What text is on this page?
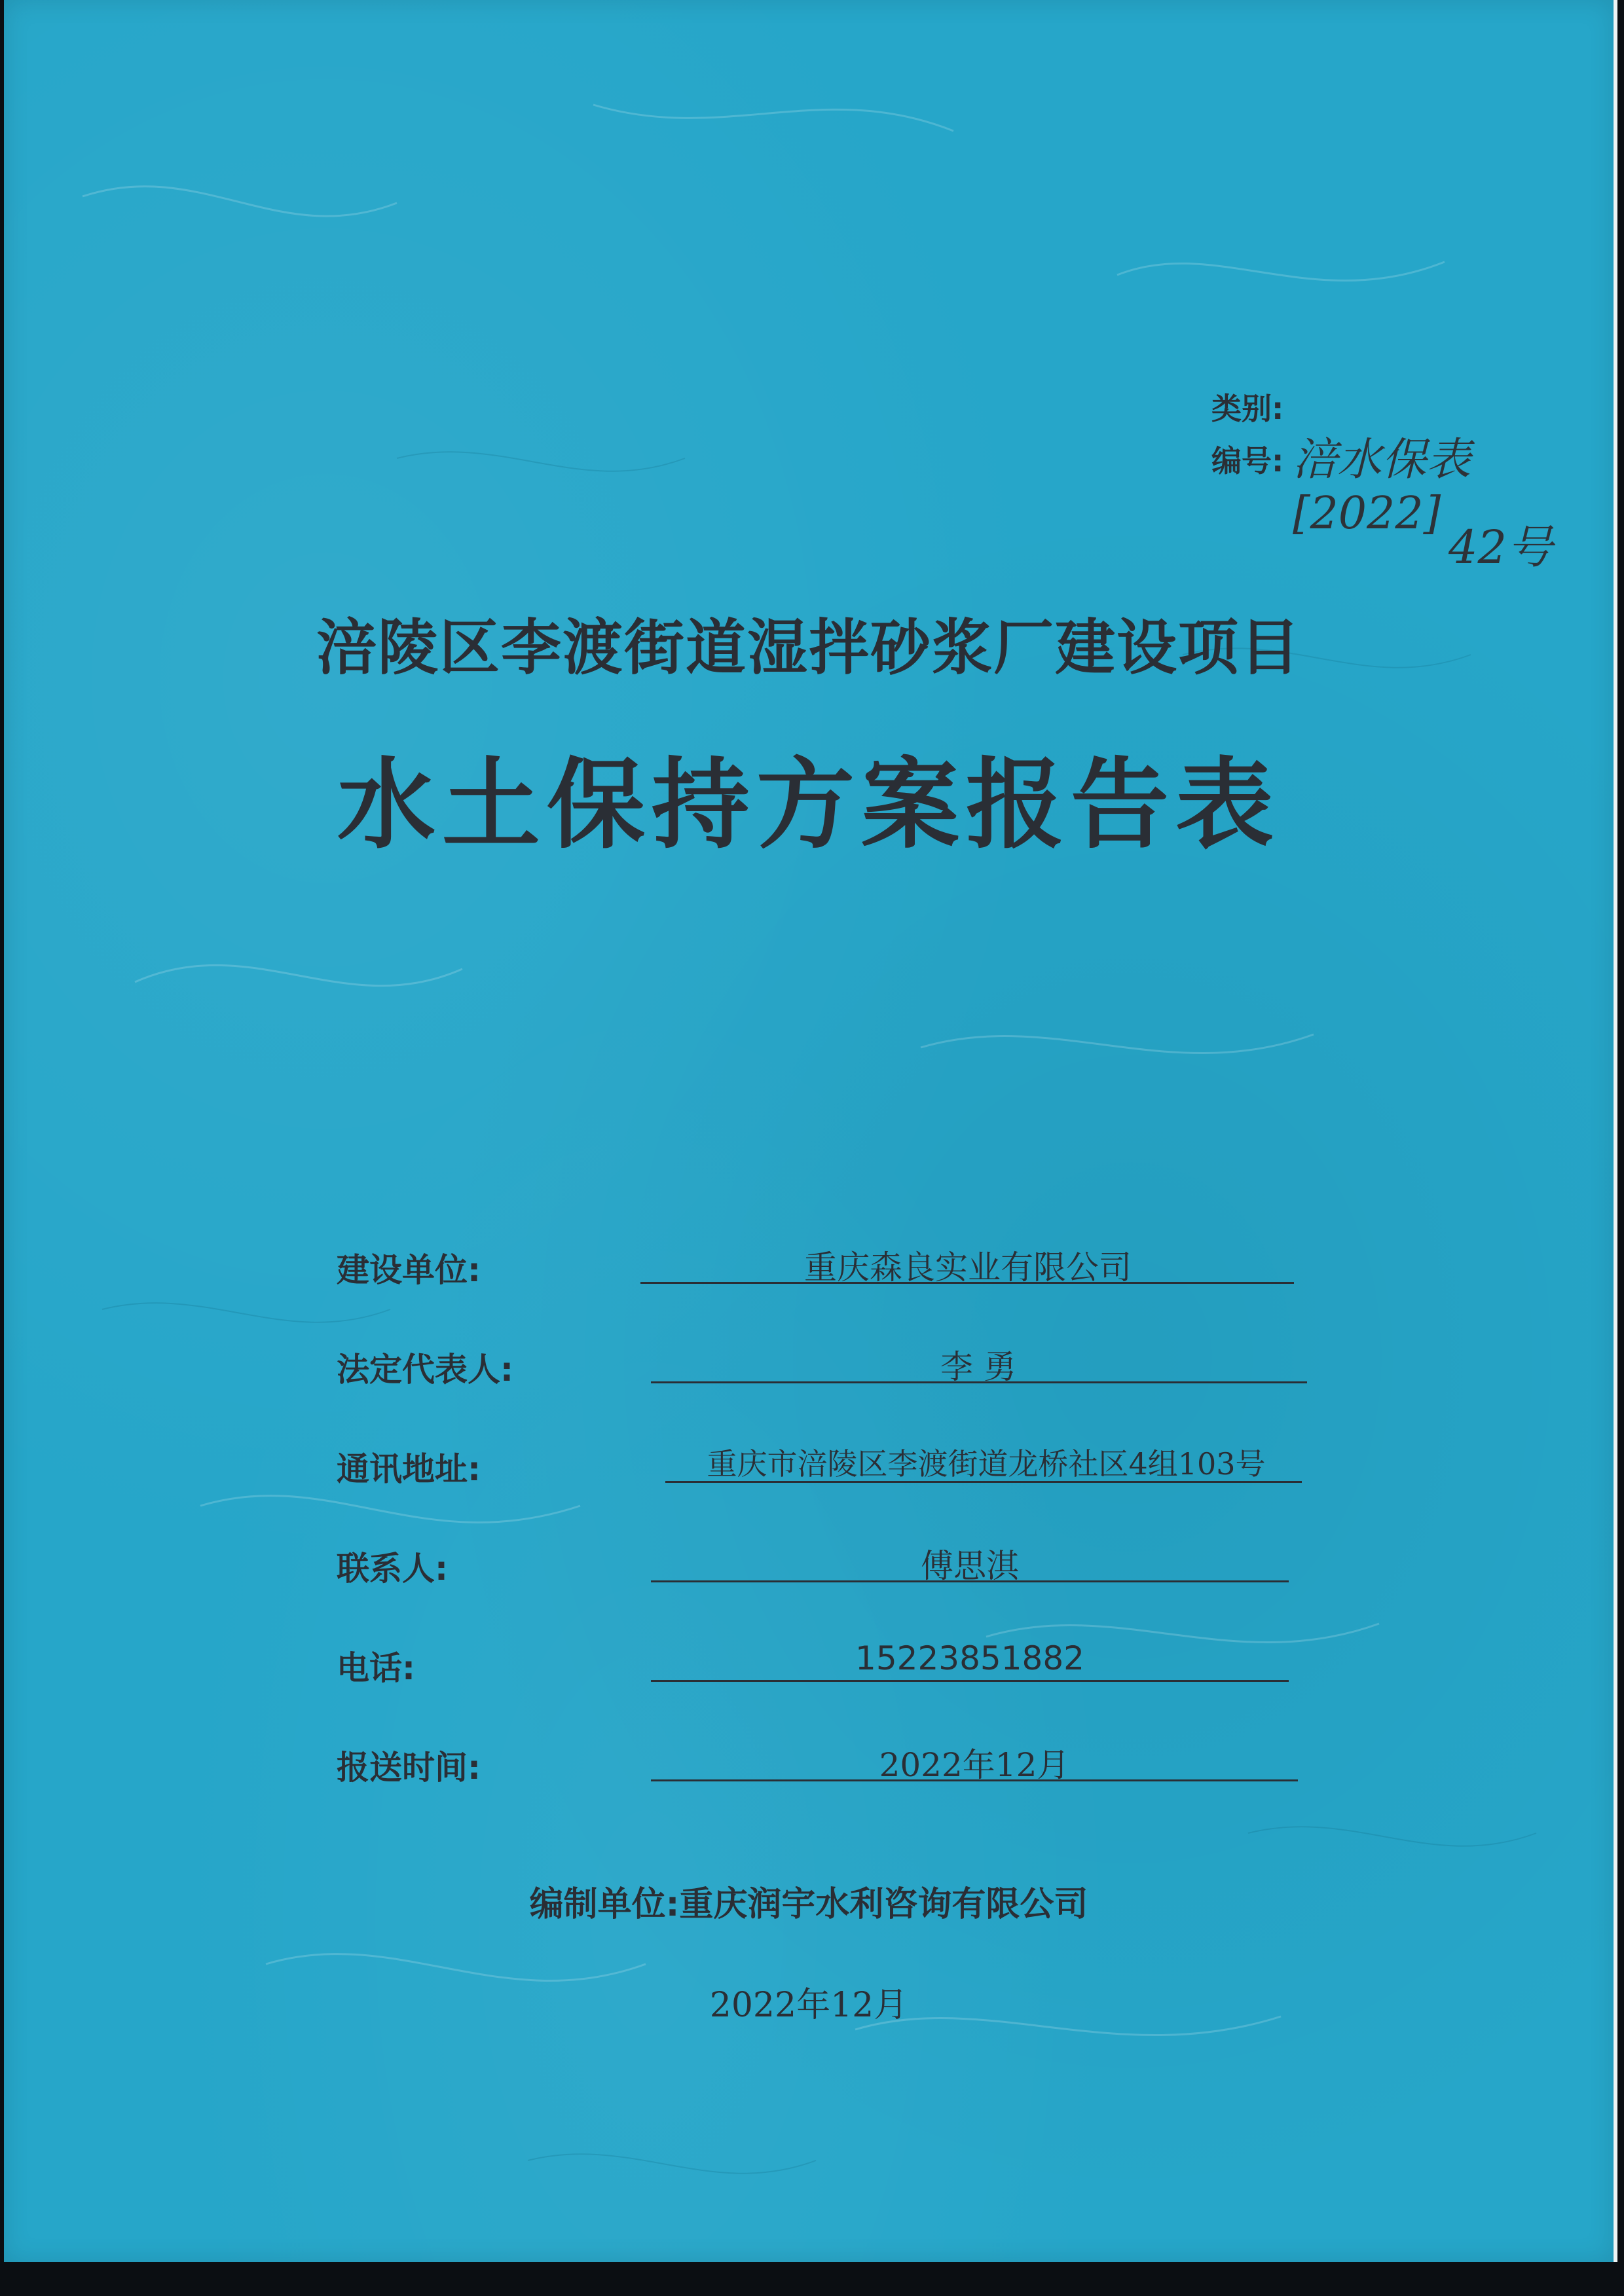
类别:
编号: 涪水保表[2022]
42号
涪陵区李渡街道湿拌砂浆厂建设项目
水土保持方案报告表
建设单位:	重庆森良实业有限公司
法定代表人:	李 勇
通讯地址:	重庆市涪陵区李渡街道龙桥社区4组103号
联系人:	傅思淇
电话:	15223851882
报送时间:	2022年12月
编制单位:重庆润宇水利咨询有限公司
2022年12月
